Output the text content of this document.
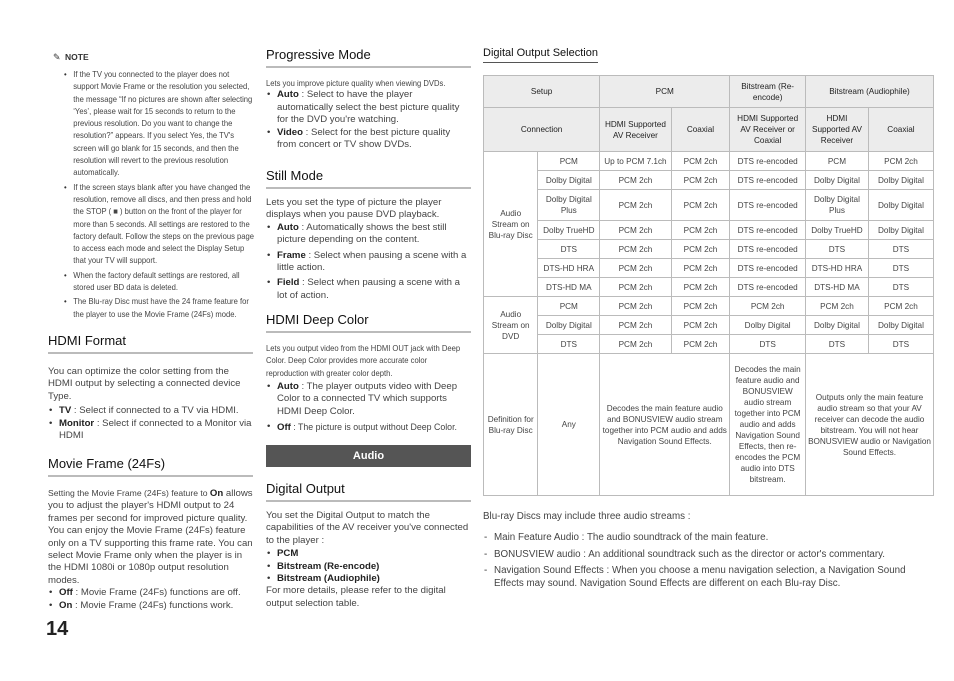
✎ NOTE
• If the TV you connected to the player does not support Movie Frame or the resolution you selected, the message “If no pictures are shown after selecting ‘Yes’, please wait for 15 seconds to return to the previous resolution. Do you want to change the resolution?” appears. If you select Yes, the TV's screen will go blank for 15 seconds, and then the resolution will revert to the previous resolution automatically.
• If the screen stays blank after you have changed the resolution, remove all discs, and then press and hold the STOP ( ■ ) button on the front of the player for more than 5 seconds. All settings are restored to the factory default. Follow the steps on the previous page to access each mode and select the Display Setup that your TV will support.
• When the factory default settings are restored, all stored user BD data is deleted.
• The Blu-ray Disc must have the 24 frame feature for the player to use the Movie Frame (24Fs) mode.
HDMI Format
You can optimize the color setting from the HDMI output by selecting a connected device Type.
• TV : Select if connected to a TV via HDMI.
• Monitor : Select if connected to a Monitor via HDMI
Movie Frame (24Fs)
Setting the Movie Frame (24Fs) feature to On allows you to adjust the player's HDMI output to 24 frames per second for improved picture quality. You can enjoy the Movie Frame (24Fs) feature only on a TV supporting this frame rate. You can select Movie Frame only when the player is in the HDMI 1080i or 1080p output resolution modes.
• Off : Movie Frame (24Fs) functions are off.
• On : Movie Frame (24Fs) functions work.
14
Progressive Mode
Lets you improve picture quality when viewing DVDs.
• Auto : Select to have the player automatically select the best picture quality for the DVD you're watching.
• Video : Select for the best picture quality from concert or TV show DVDs.
Still Mode
Lets you set the type of picture the player displays when you pause DVD playback.
• Auto : Automatically shows the best still picture depending on the content.
• Frame : Select when pausing a scene with a little action.
• Field : Select when pausing a scene with a lot of action.
HDMI Deep Color
Lets you output video from the HDMI OUT jack with Deep Color. Deep Color provides more accurate color reproduction with greater color depth.
• Auto : The player outputs video with Deep Color to a connected TV which supports HDMI Deep Color.
• Off : The picture is output without Deep Color.
Audio
Digital Output
You set the Digital Output to match the capabilities of the AV receiver you've connected to the player :
• PCM
• Bitstream (Re-encode)
• Bitstream (Audiophile)
For more details, please refer to the digital output selection table.
Digital Output Selection
Setup		PCM		Bitstream (Re-encode)	Bitstream (Audiophile)	
Connection		HDMI Supported AV Receiver	Coaxial	HDMI Supported AV Receiver or Coaxial	HDMI Supported AV Receiver	Coaxial
Audio Stream on Blu-ray Disc	PCM	Up to PCM 7.1ch	PCM 2ch	DTS re-encoded	PCM	PCM 2ch
	Dolby Digital	PCM 2ch	PCM 2ch	DTS re-encoded	Dolby Digital	Dolby Digital
	Dolby Digital Plus	PCM 2ch	PCM 2ch	DTS re-encoded	Dolby Digital Plus	Dolby Digital
	Dolby TrueHD	PCM 2ch	PCM 2ch	DTS re-encoded	Dolby TrueHD	Dolby Digital
	DTS	PCM 2ch	PCM 2ch	DTS re-encoded	DTS	DTS
	DTS-HD HRA	PCM 2ch	PCM 2ch	DTS re-encoded	DTS-HD HRA	DTS
	DTS-HD MA	PCM 2ch	PCM 2ch	DTS re-encoded	DTS-HD MA	DTS
Audio Stream on DVD	PCM	PCM 2ch	PCM 2ch	PCM 2ch	PCM 2ch	PCM 2ch
	Dolby Digital	PCM 2ch	PCM 2ch	Dolby Digital	Dolby Digital	Dolby Digital
	DTS	PCM 2ch	PCM 2ch	DTS	DTS	DTS
Definition for Blu-ray Disc	Any	Decodes the main feature audio and BONUSVIEW audio stream together into PCM audio and adds Navigation Sound Effects.		Decodes the main feature audio and BONUSVIEW audio stream together into PCM audio and adds Navigation Sound Effects, then re-encodes the PCM audio into DTS bitstream.	Outputs only the main feature audio stream so that your AV receiver can decode the audio bitstream. You will not hear BONUSVIEW audio or Navigation Sound Effects.	
Blu-ray Discs may include three audio streams :
- Main Feature Audio : The audio soundtrack of the main feature.
- BONUSVIEW audio : An additional soundtrack such as the director or actor's commentary.
- Navigation Sound Effects : When you choose a menu navigation selection, a Navigation Sound Effects may sound. Navigation Sound Effects are different on each Blu-ray Disc.
